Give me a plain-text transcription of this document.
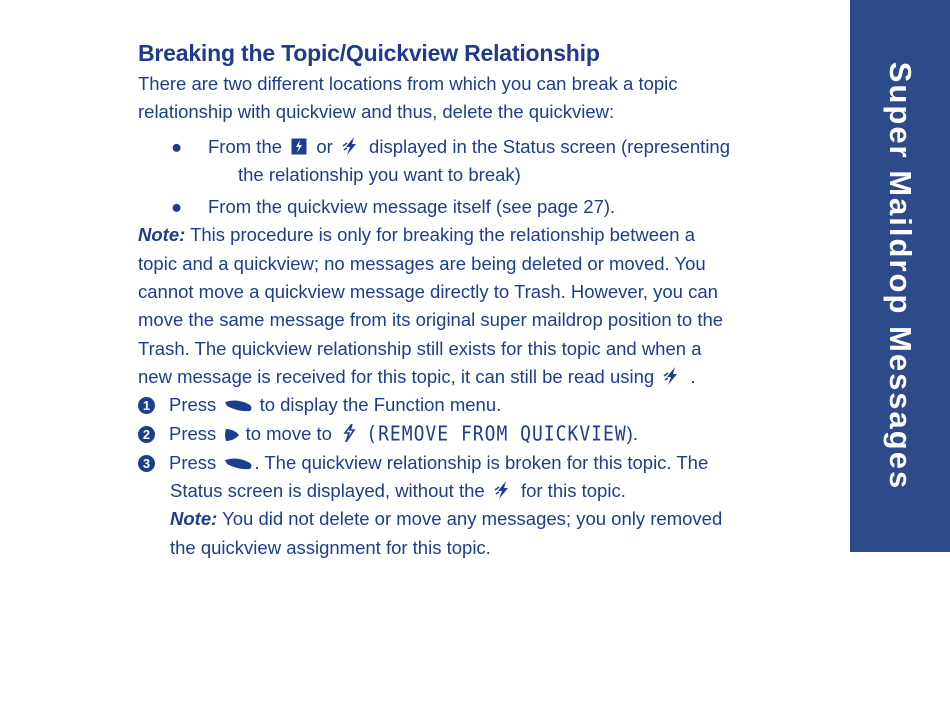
Breaking the Topic/Quickview Relationship
There are two different locations from which you can break a topic
relationship with quickview and thus, delete the quickview:
● From the or displayed in the Status screen (representing
the relationship you want to break)
● From the quickview message itself (see page 27).
Note: This procedure is only for breaking the relationship between a
topic and a quickview; no messages are being deleted or moved. You
cannot move a quickview message directly to Trash. However, you can
move the same message from its original super maildrop position to the
Trash. The quickview relationship still exists for this topic and when a
new message is received for this topic, it can still be read using .
1 Press to display the Function menu.
2 Press to move to (REMOVE FROM QUICKVIEW).
3 Press . The quickview relationship is broken for this topic. The
Status screen is displayed, without the for this topic.
Note: You did not delete or move any messages; you only removed
the quickview assignment for this topic.
Super Maildrop Messages
